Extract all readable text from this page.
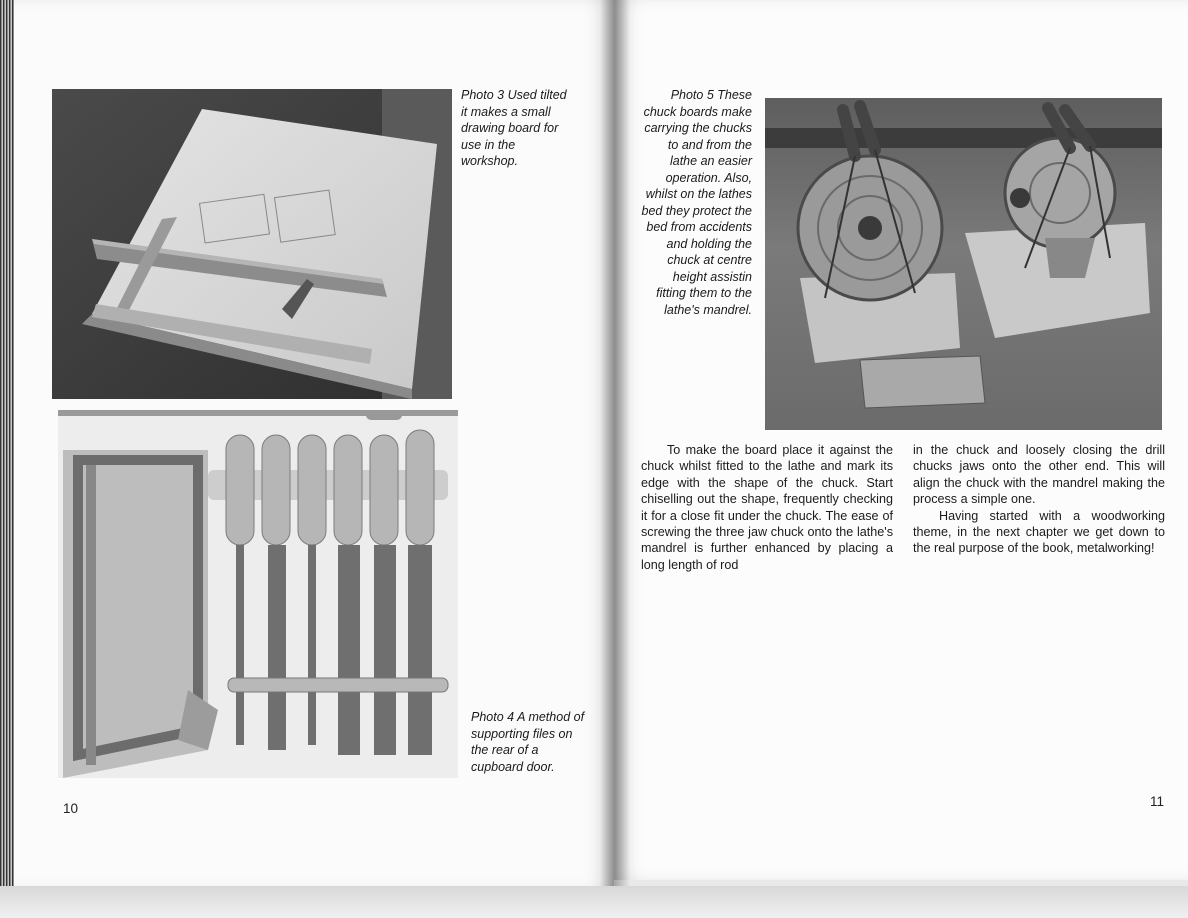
Photo 3 Used tilted it makes a small drawing board for use in the workshop.

Photo 4 A method of supporting files on the rear of a cupboard door.

10

Photo 5 These chuck boards make carrying the chucks to and from the lathe an easier operation. Also, whilst on the lathes bed they protect the bed from accidents and holding the chuck at centre height assistin fitting them to the lathe's mandrel.

To make the board place it against the chuck whilst fitted to the lathe and mark its edge with the shape of the chuck. Start chiselling out the shape, frequently checking it for a close fit under the chuck. The ease of screwing the three jaw chuck onto the lathe's mandrel is further enhanced by placing a long length of rod

in the chuck and loosely closing the drill chucks jaws onto the other end. This will align the chuck with the mandrel making the process a simple one.

Having started with a woodworking theme, in the next chapter we get down to the real purpose of the book, metalworking!

11
